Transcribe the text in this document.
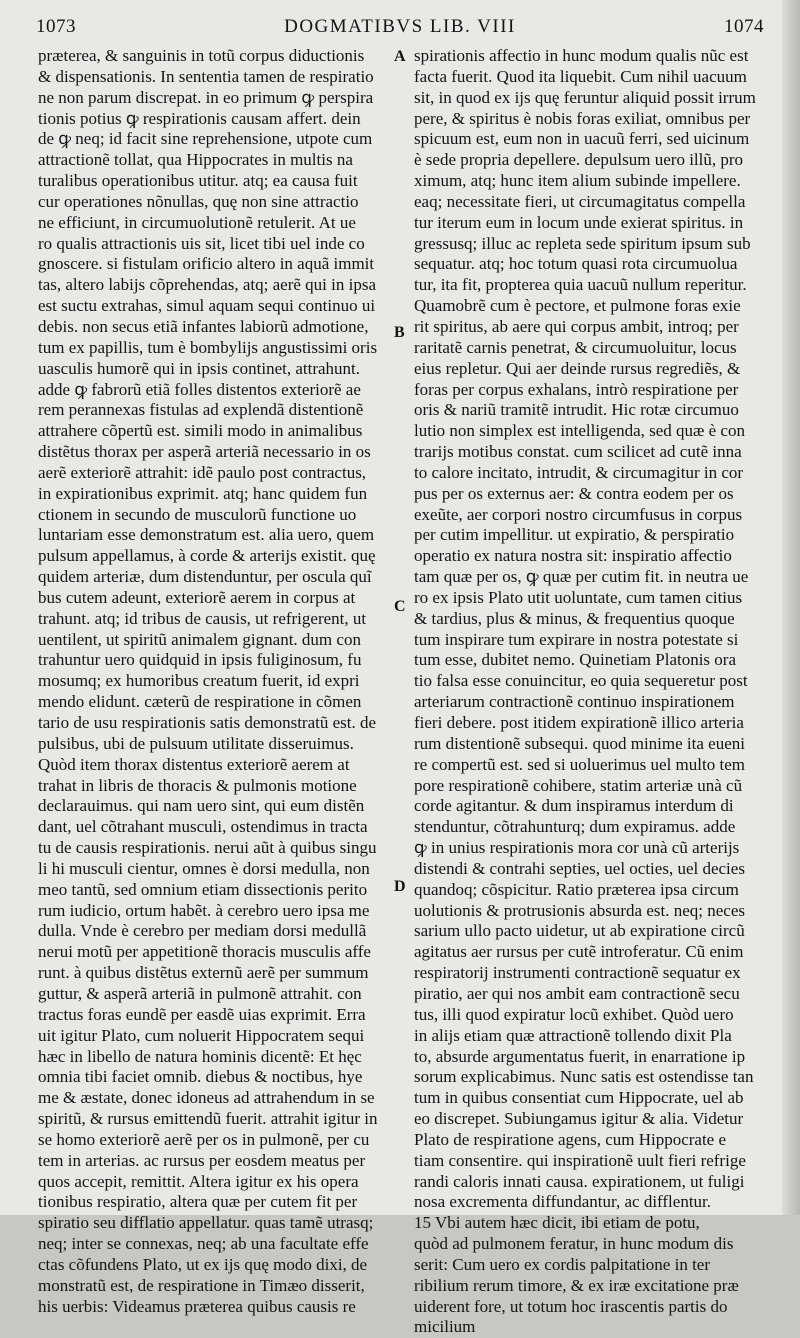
1073	DOGMATIBVS LIB. VIII	1074
præterea, & sanguinis in totũ corpus diductionis
& dispensationis. In sententia tamen de respiratio
ne non parum discrepat. in eo primum ꝙ perspira
tionis potius ꝙ respirationis causam affert. dein
de ꝙ neq; id facit sine reprehensione, utpote cum
attractionẽ tollat, qua Hippocrates in multis na
turalibus operationibus utitur. atq; ea causa fuit
cur operationes nõnullas, quę non sine attractio
ne efficiunt, in circumuolutionẽ retulerit. At ue
ro qualis attractionis uis sit, licet tibi uel inde co
gnoscere. si fistulam orificio altero in aquã immit
tas, altero labijs cõprehendas, atq; aerẽ qui in ipsa
est suctu extrahas, simul aquam sequi continuo ui
debis. non secus etiã infantes labiorũ admotione,
tum ex papillis, tum è bombylijs angustissimi oris
uasculis humorẽ qui in ipsis continet, attrahunt.
adde ꝙ fabrorũ etiã folles distentos exteriorẽ ae
rem perannexas fistulas ad explendã distentionẽ
attrahere cõpertũ est. simili modo in animalibus
distẽtus thorax per asperã arteriã necessario in os
aerẽ exteriorẽ attrahit: idẽ paulo post contractus,
in expirationibus exprimit. atq; hanc quidem fun
ctionem in secundo de musculorũ functione uo
luntariam esse demonstratum est. alia uero, quem
pulsum appellamus, à corde & arterijs existit. quę
quidem arteriæ, dum distenduntur, per oscula quĩ
bus cutem adeunt, exteriorẽ aerem in corpus at
trahunt. atq; id tribus de causis, ut refrigerent, ut
uentilent, ut spiritũ animalem gignant. dum con
trahuntur uero quidquid in ipsis fuliginosum, fu
mosumq; ex humoribus creatum fuerit, id expri
mendo elidunt. cæterũ de respiratione in cõmen
tario de usu respirationis satis demonstratũ est. de
pulsibus, ubi de pulsuum utilitate disseruimus.
Quòd item thorax distentus exteriorẽ aerem at
trahat in libris de thoracis & pulmonis motione
declarauimus. qui nam uero sint, qui eum distẽn
dant, uel cõtrahant musculi, ostendimus in tracta
tu de causis respirationis. nerui aũt à quibus singu
li hi musculi cientur, omnes è dorsi medulla, non
meo tantũ, sed omnium etiam dissectionis perito
rum iudicio, ortum habẽt. à cerebro uero ipsa me
dulla. Vnde è cerebro per mediam dorsi medullã
nerui motũ per appetitionẽ thoracis musculis affe
runt. à quibus distẽtus externũ aerẽ per summum
guttur, & asperã arteriã in pulmonẽ attrahit. con
tractus foras eundẽ per easdẽ uias exprimit. Erra
uit igitur Plato, cum noluerit Hippocratem sequi
hæc in libello de natura hominis dicentẽ: Et hęc
omnia tibi faciet omnib. diebus & noctibus, hye
me & æstate, donec idoneus ad attrahendum in se
spiritũ, & rursus emittendũ fuerit. attrahit igitur in
se homo exteriorẽ aerẽ per os in pulmonẽ, per cu
tem in arterias. ac rursus per eosdem meatus per
quos accepit, remittit. Altera igitur ex his opera
tionibus respiratio, altera quæ per cutem fit per
spiratio seu difflatio appellatur. quas tamẽ utrasq;
neq; inter se connexas, neq; ab una facultate effe
ctas cõfundens Plato, ut ex ijs quę modo dixi, de
monstratũ est, de respiratione in Timæo disserit,
his uerbis: Videamus præterea quibus causis re
A
B
C
D
spirationis affectio in hunc modum qualis nũc est
facta fuerit. Quod ita liquebit. Cum nihil uacuum
sit, in quod ex ijs quę feruntur aliquid possit irrum
pere, & spiritus è nobis foras exiliat, omnibus per
spicuum est, eum non in uacuũ ferri, sed uicinum
è sede propria depellere. depulsum uero illũ, pro
ximum, atq; hunc item alium subinde impellere.
eaq; necessitate fieri, ut circumagitatus compella
tur iterum eum in locum unde exierat spiritus. in
gressusq; illuc ac repleta sede spiritum ipsum sub
sequatur. atq; hoc totum quasi rota circumuolua
tur, ita fit, propterea quia uacuũ nullum reperitur.
Quamobrẽ cum è pectore, et pulmone foras exie
rit spiritus, ab aere qui corpus ambit, introq; per
raritatẽ carnis penetrat, & circumuoluitur, locus
eius repletur. Qui aer deinde rursus regrediẽs, &
foras per corpus exhalans, intrò respiratione per
oris & nariũ tramitẽ intrudit. Hic rotæ circumuo
lutio non simplex est intelligenda, sed quæ è con
trarijs motibus constat. cum scilicet ad cutẽ inna
to calore incitato, intrudit, & circumagitur in cor
pus per os externus aer: & contra eodem per os
exeũte, aer corpori nostro circumfusus in corpus
per cutim impellitur. ut expiratio, & perspiratio
operatio ex natura nostra sit: inspiratio affectio
tam quæ per os, ꝙ quæ per cutim fit. in neutra ue
ro ex ipsis Plato utit uoluntate, cum tamen citius
& tardius, plus & minus, & frequentius quoque
tum inspirare tum expirare in nostra potestate si
tum esse, dubitet nemo. Quinetiam Platonis ora
tio falsa esse conuincitur, eo quia sequeretur post
arteriarum contractionẽ continuo inspirationem
fieri debere. post itidem expirationẽ illico arteria
rum distentionẽ subsequi. quod minime ita eueni
re compertũ est. sed si uoluerimus uel multo tem
pore respirationẽ cohibere, statim arteriæ unà cũ
corde agitantur. & dum inspiramus interdum di
stenduntur, cõtrahunturq; dum expiramus. adde
ꝙ in unius respirationis mora cor unà cũ arterijs
distendi & contrahi septies, uel octies, uel decies
quandoq; cõspicitur. Ratio præterea ipsa circum
uolutionis & protrusionis absurda est. neq; neces
sarium ullo pacto uidetur, ut ab expiratione circũ
agitatus aer rursus per cutẽ introferatur. Cũ enim
respiratorij instrumenti contractionẽ sequatur ex
piratio, aer qui nos ambit eam contractionẽ secu
tus, illi quod expiratur locũ exhibet. Quòd uero
in alijs etiam quæ attractionẽ tollendo dixit Pla
to, absurde argumentatus fuerit, in enarratione ip
sorum explicabimus. Nunc satis est ostendisse tan
tum in quibus consentiat cum Hippocrate, uel ab
eo discrepet. Subiungamus igitur & alia. Videtur
Plato de respiratione agens, cum Hippocrate e
tiam consentire. qui inspirationẽ uult fieri refrige
randi caloris innati causa. expirationem, ut fuligi
nosa excrementa diffundantur, ac difflentur.
15 Vbi autem hæc dicit, ibi etiam de potu,
quòd ad pulmonem feratur, in hunc modum dis
serit: Cum uero ex cordis palpitatione in ter
ribilium rerum timore, & ex iræ excitatione præ
uiderent fore, ut totum hoc irascentis partis do
micilium
